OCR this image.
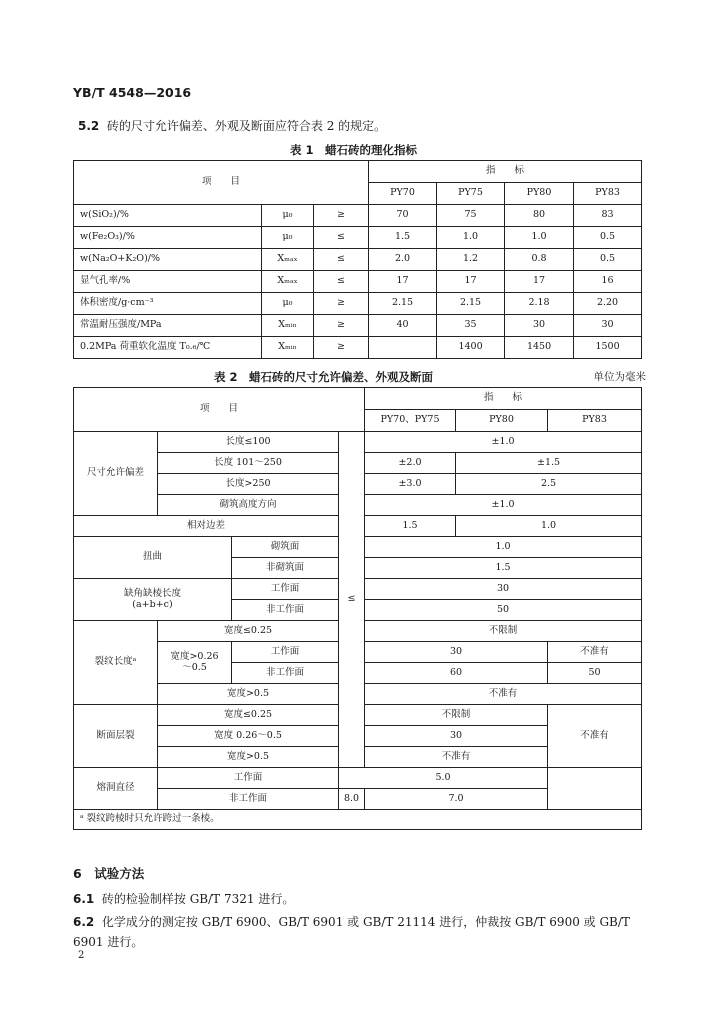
YB/T 4548—2016
5.2 砖的尺寸允许偏差、外观及断面应符合表 2 的规定。
表 1　蜡石砖的理化指标
项　　目			指　　标			
			PY70	PY75	PY80	PY83
w(SiO₂)/%	μ₀	≥	70	75	80	83
w(Fe₂O₃)/%	μ₀	≤	1.5	1.0	1.0	0.5
w(Na₂O+K₂O)/%	Xₘₐₓ	≤	2.0	1.2	0.8	0.5
显气孔率/%	Xₘₐₓ	≤	17	17	17	16
体积密度/g·cm⁻³	μ₀	≥	2.15	2.15	2.18	2.20
常温耐压强度/MPa	Xₘᵢₙ	≥	40	35	30	30
0.2MPa 荷重软化温度 T₀.₆/℃	Xₘᵢₙ	≥		1400	1450	1500
表 2　蜡石砖的尺寸允许偏差、外观及断面	单位为毫米
项　　目				指　　标		
				PY70、PY75	PY80	PY83
尺寸允许偏差	长度≤100		≤	±1.0		
	长度 101～250			±2.0	±1.5	
	长度>250			±3.0	2.5	
	砌筑高度方向			±1.0		
相对边差				1.5	1.0	
扭曲		砌筑面		1.0		
		非砌筑面		1.5		
缺角缺棱长度
(a+b+c)		工作面		30		
		非工作面		50		
裂纹长度ᵃ	宽度≤0.25			不限制		
	宽度>0.26
～0.5	工作面		30		不准有
		非工作面		60		50
	宽度>0.5			不准有		
断面层裂	宽度≤0.25			不限制		不准有
	宽度 0.26～0.5			30		
	宽度>0.5			不准有		
熔洞直径	工作面		5.0			
	非工作面		8.0	7.0		
ᵃ 裂纹跨棱时只允许跨过一条棱。						
6　试验方法
6.1 砖的检验制样按 GB/T 7321 进行。
6.2 化学成分的测定按 GB/T 6900、GB/T 6901 或 GB/T 21114 进行，仲裁按 GB/T 6900 或 GB/T
6901 进行。
2
